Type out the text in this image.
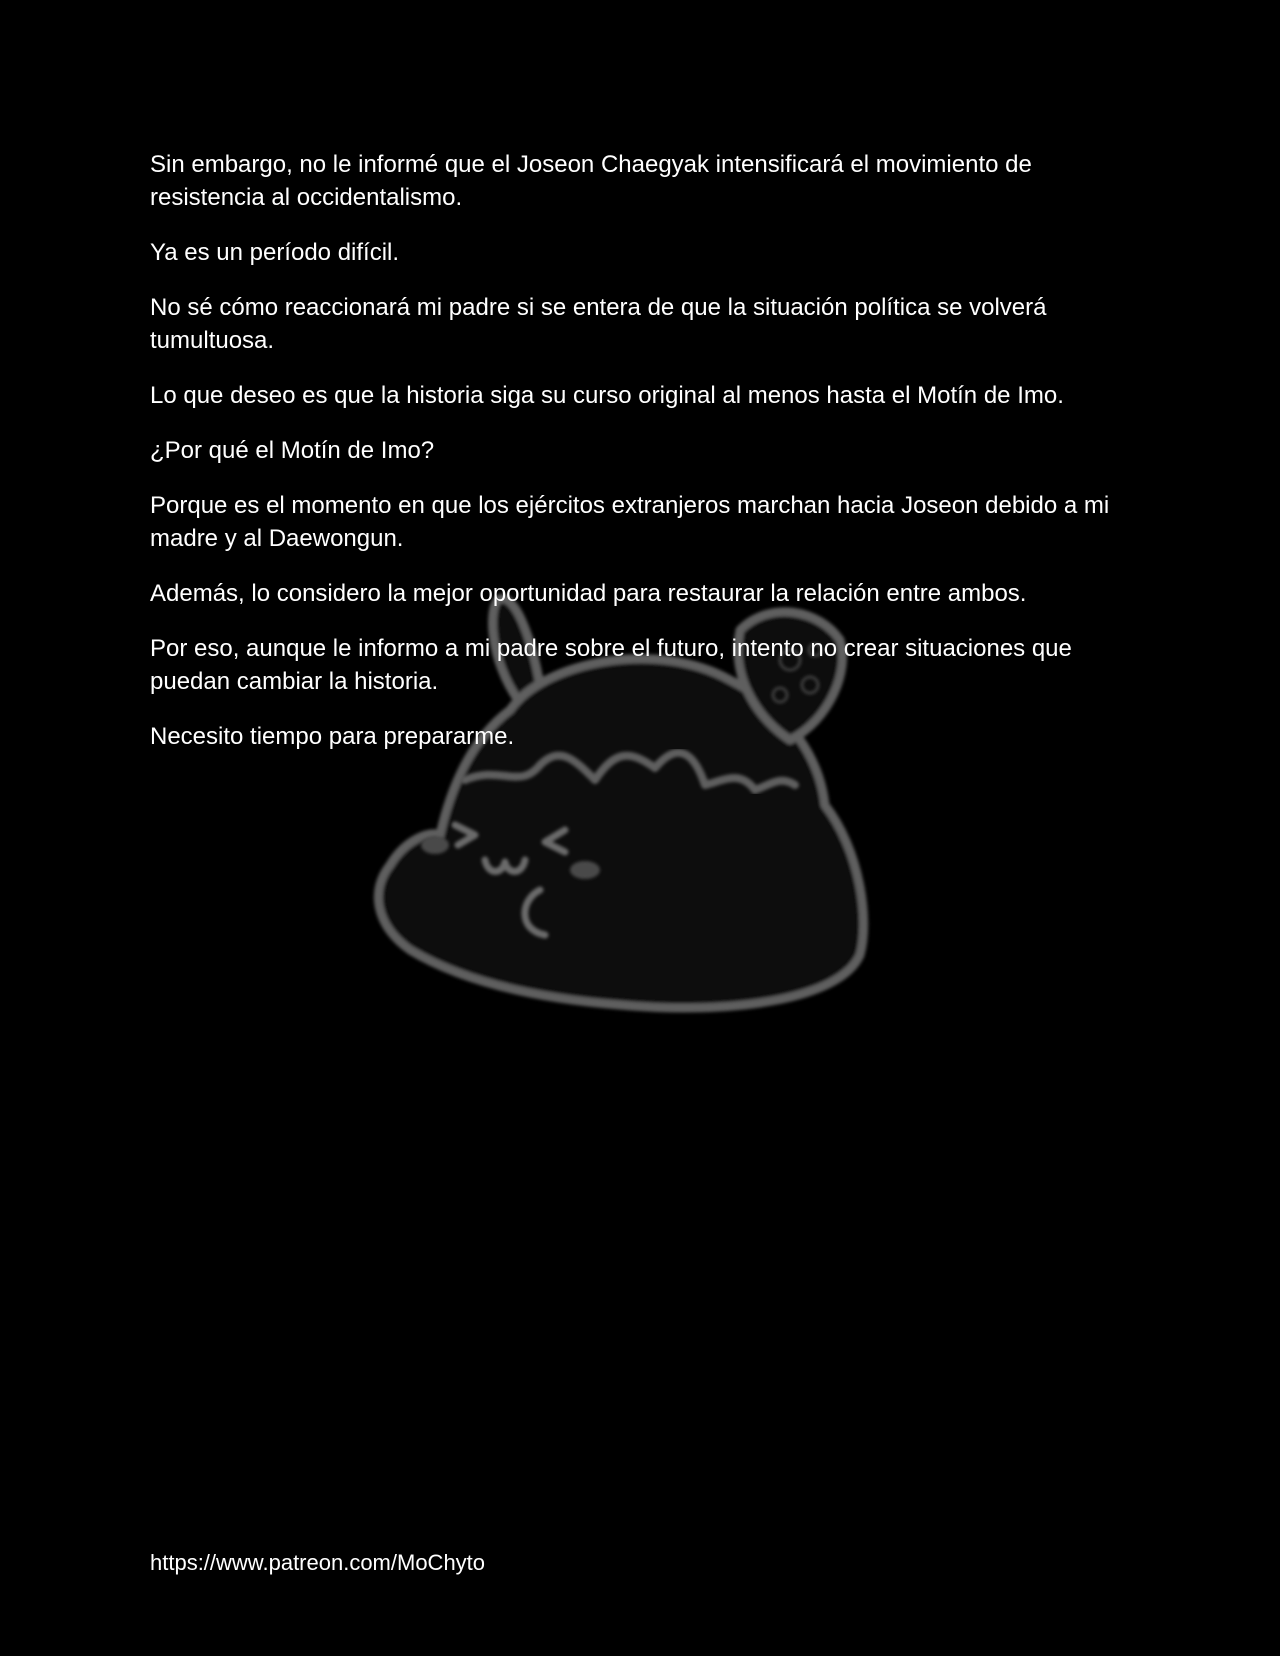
Sin embargo, no le informé que el Joseon Chaegyak intensificará el movimiento de resistencia al occidentalismo.

Ya es un período difícil.

No sé cómo reaccionará mi padre si se entera de que la situación política se volverá tumultuosa.

Lo que deseo es que la historia siga su curso original al menos hasta el Motín de Imo.

¿Por qué el Motín de Imo?

Porque es el momento en que los ejércitos extranjeros marchan hacia Joseon debido a mi madre y al Daewongun.

Además, lo considero la mejor oportunidad para restaurar la relación entre ambos.

Por eso, aunque le informo a mi padre sobre el futuro, intento no crear situaciones que puedan cambiar la historia.

Necesito tiempo para prepararme.

https://www.patreon.com/MoChyto
